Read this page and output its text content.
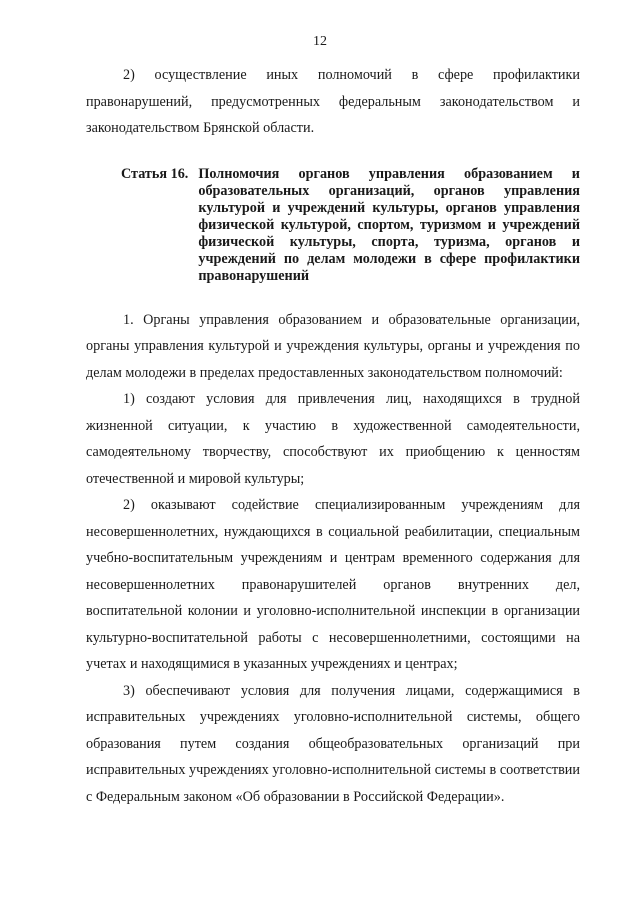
12

2) осуществление иных полномочий в сфере профилактики правонарушений, предусмотренных федеральным законодательством и законодательством Брянской области.

Статья 16. Полномочия органов управления образованием и образовательных организаций, органов управления культурой и учреждений культуры, органов управления физической культурой, спортом, туризмом и учреждений физической культуры, спорта, туризма, органов и учреждений по делам молодежи в сфере профилактики правонарушений

1. Органы управления образованием и образовательные организации, органы управления культурой и учреждения культуры, органы и учреждения по делам молодежи в пределах предоставленных законодательством полномочий:

1) создают условия для привлечения лиц, находящихся в трудной жизненной ситуации, к участию в художественной самодеятельности, самодеятельному творчеству, способствуют их приобщению к ценностям отечественной и мировой культуры;

2) оказывают содействие специализированным учреждениям для несовершеннолетних, нуждающихся в социальной реабилитации, специальным учебно-воспитательным учреждениям и центрам временного содержания для несовершеннолетних правонарушителей органов внутренних дел, воспитательной колонии и уголовно-исполнительной инспекции в организации культурно-воспитательной работы с несовершеннолетними, состоящими на учетах и находящимися в указанных учреждениях и центрах;

3) обеспечивают условия для получения лицами, содержащимися в исправительных учреждениях уголовно-исполнительной системы, общего образования путем создания общеобразовательных организаций при исправительных учреждениях уголовно-исполнительной системы в соответствии с Федеральным законом «Об образовании в Российской Федерации».
